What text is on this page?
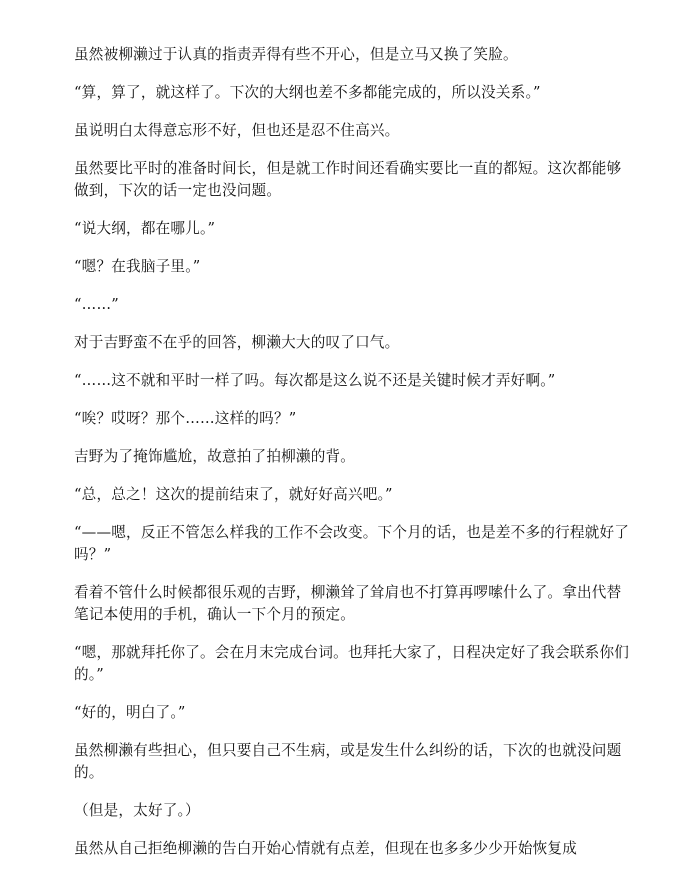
虽然被柳濑过于认真的指责弄得有些不开心，但是立马又换了笑脸。

“算，算了，就这样了。下次的大纲也差不多都能完成的，所以没关系。”

虽说明白太得意忘形不好，但也还是忍不住高兴。

虽然要比平时的准备时间长，但是就工作时间还看确实要比一直的都短。这次都能够做到，下次的话一定也没问题。

“说大纲，都在哪儿。”

“嗯？在我脑子里。”

“……”

对于吉野蛮不在乎的回答，柳濑大大的叹了口气。

“……这不就和平时一样了吗。每次都是这么说不还是关键时候才弄好啊。”

“唉？哎呀？那个……这样的吗？”

吉野为了掩饰尴尬，故意拍了拍柳濑的背。

“总，总之！这次的提前结束了，就好好高兴吧。”

“——嗯，反正不管怎么样我的工作不会改变。下个月的话，也是差不多的行程就好了吗？”

看着不管什么时候都很乐观的吉野，柳濑耸了耸肩也不打算再啰嗦什么了。拿出代替笔记本使用的手机，确认一下个月的预定。

“嗯，那就拜托你了。会在月末完成台词。也拜托大家了，日程决定好了我会联系你们的。”

“好的，明白了。”

虽然柳濑有些担心，但只要自己不生病，或是发生什么纠纷的话，下次的也就没问题的。

（但是，太好了。）

虽然从自己拒绝柳濑的告白开始心情就有点差，但现在也多多少少开始恢复成
